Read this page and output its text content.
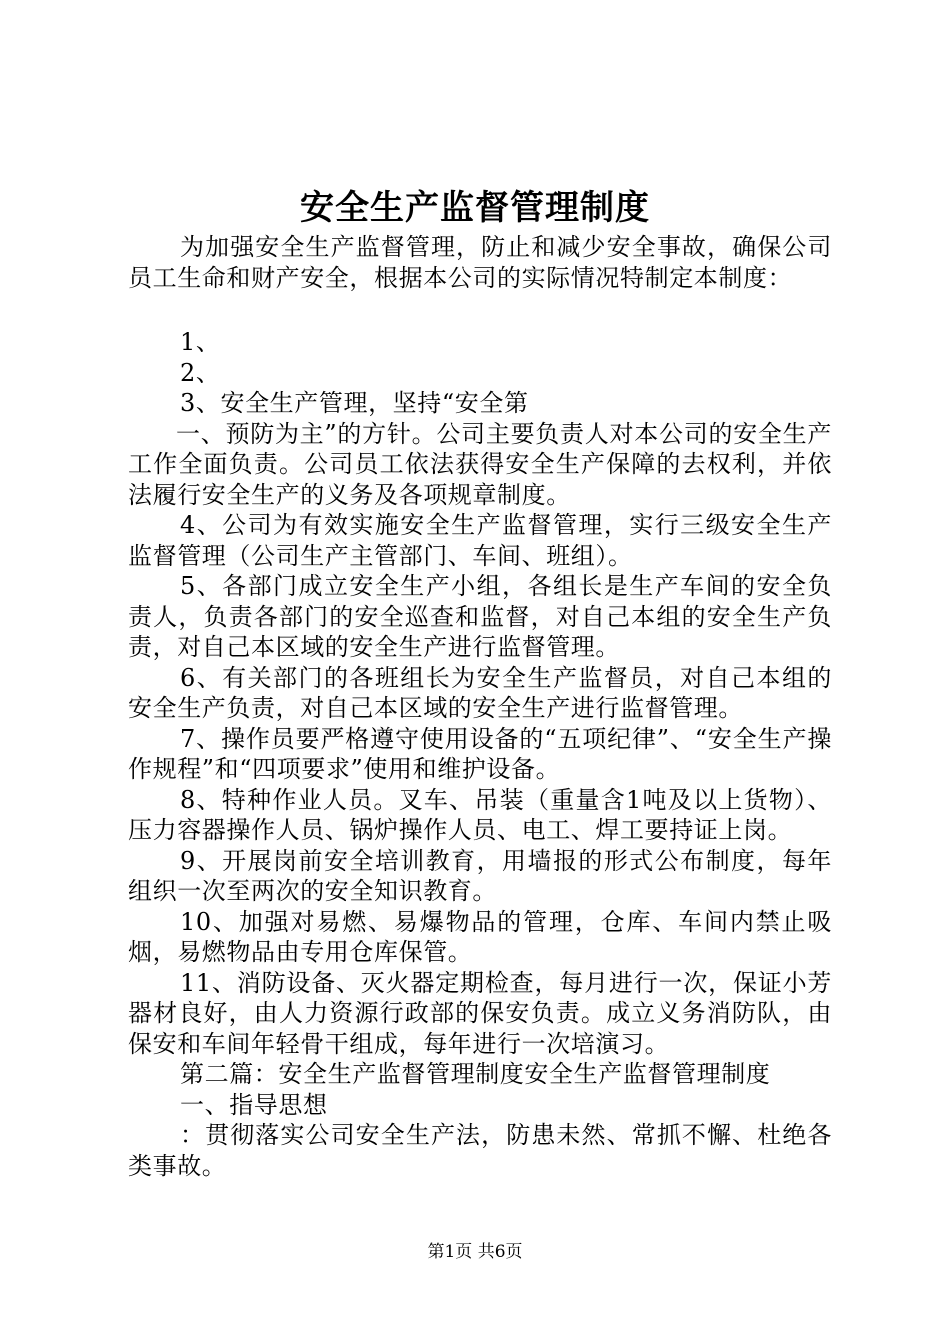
安全生产监督管理制度

为加强安全生产监督管理，防止和减少安全事故，确保公司员工生命和财产安全，根据本公司的实际情况特制定本制度：

1、

2、

3、安全生产管理，坚持“安全第

一、预防为主”的方针。公司主要负责人对本公司的安全生产工作全面负责。公司员工依法获得安全生产保障的去权利，并依法履行安全生产的义务及各项规章制度。

4、公司为有效实施安全生产监督管理，实行三级安全生产监督管理（公司生产主管部门、车间、班组）。

5、各部门成立安全生产小组，各组长是生产车间的安全负责人，负责各部门的安全巡查和监督，对自己本组的安全生产负责，对自己本区域的安全生产进行监督管理。

6、有关部门的各班组长为安全生产监督员，对自己本组的安全生产负责，对自己本区域的安全生产进行监督管理。

7、操作员要严格遵守使用设备的“五项纪律”、“安全生产操作规程”和“四项要求”使用和维护设备。

8、特种作业人员。叉车、吊装（重量含1吨及以上货物）、压力容器操作人员、锅炉操作人员、电工、焊工要持证上岗。

9、开展岗前安全培训教育，用墙报的形式公布制度，每年组织一次至两次的安全知识教育。

10、加强对易燃、易爆物品的管理，仓库、车间内禁止吸烟，易燃物品由专用仓库保管。

11、消防设备、灭火器定期检查，每月进行一次，保证小芳器材良好，由人力资源行政部的保安负责。成立义务消防队，由保安和车间年轻骨干组成，每年进行一次培演习。

第二篇：安全生产监督管理制度安全生产监督管理制度

一、指导思想

：贯彻落实公司安全生产法，防患未然、常抓不懈、杜绝各类事故。

第1页 共6页
